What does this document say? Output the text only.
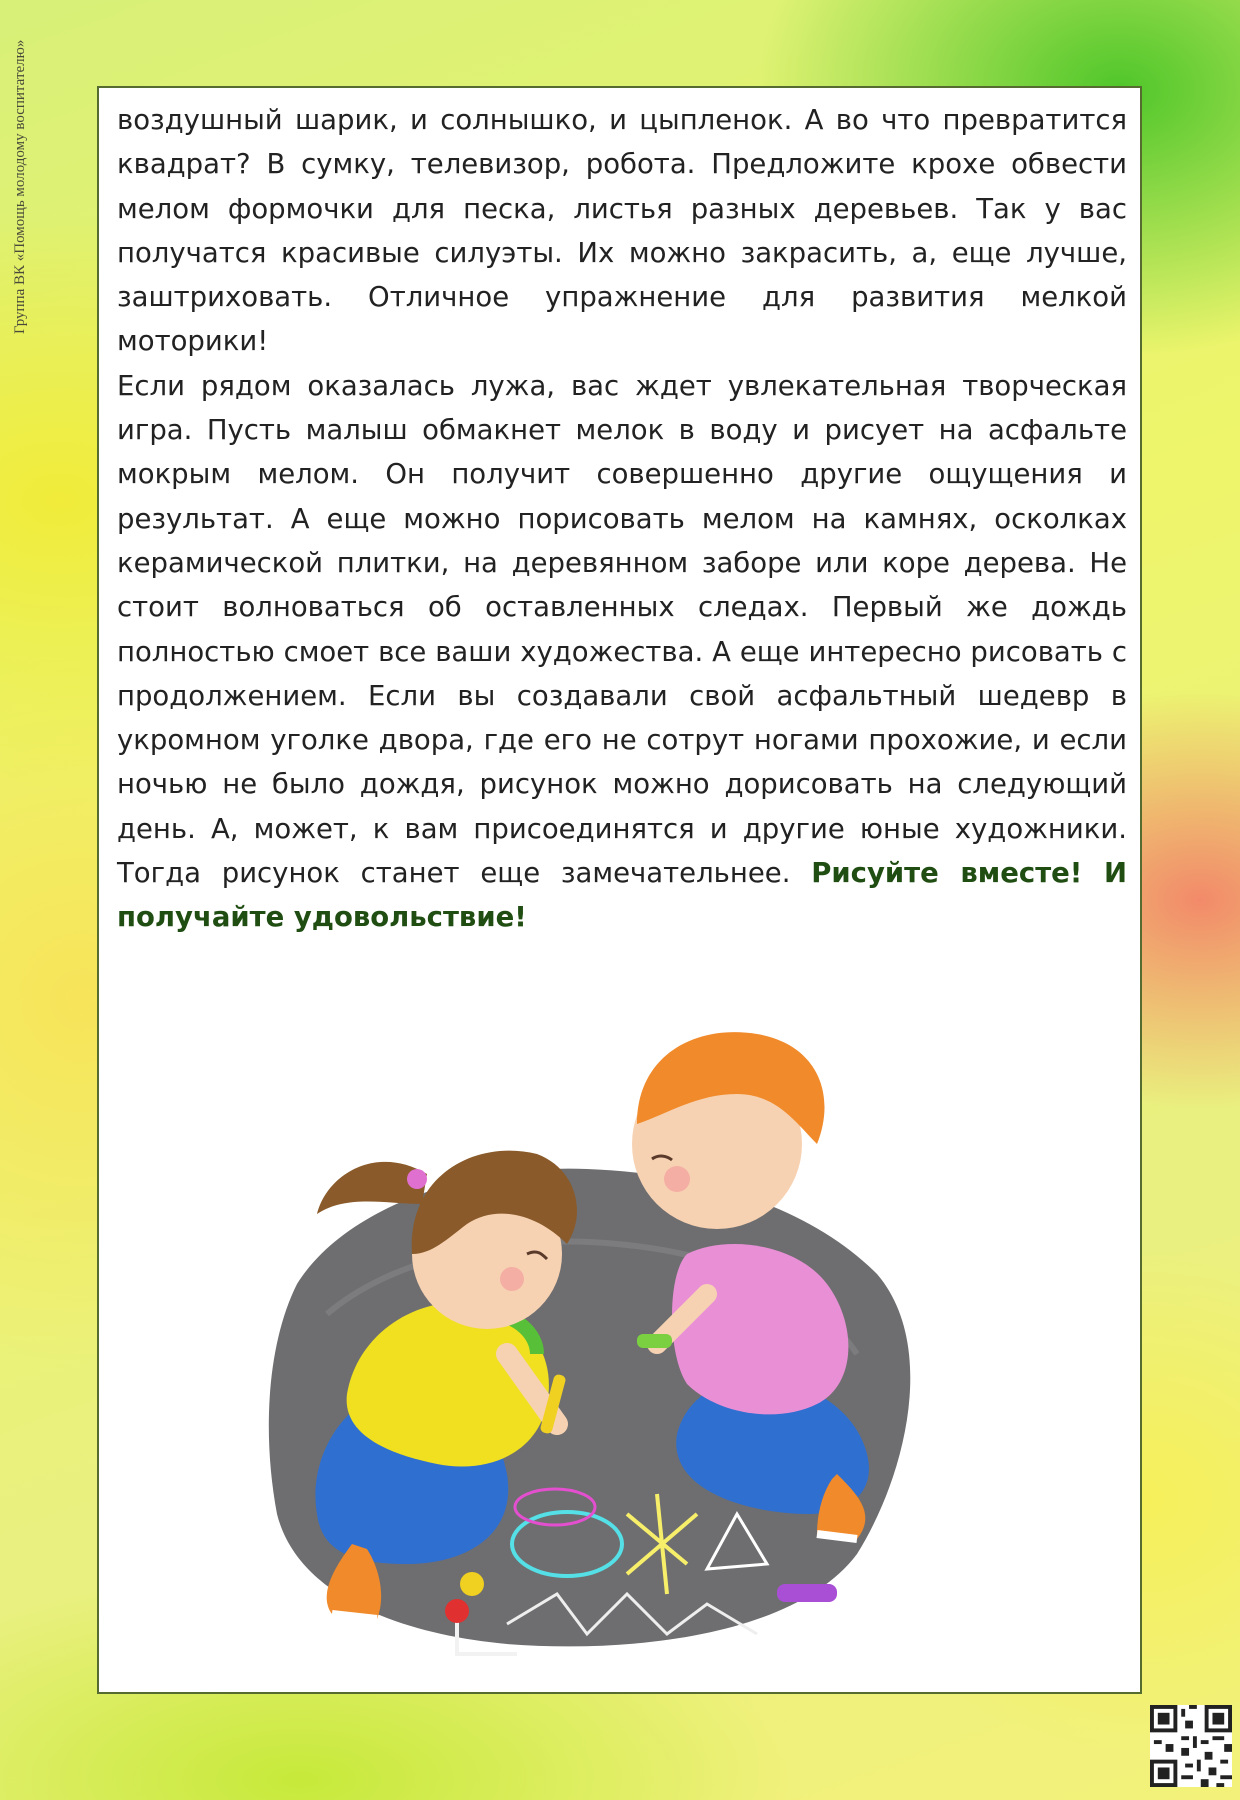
Группа ВК «Помощь молодому воспитателю»	воздушный шарик, и солнышко, и цыпленок. А во что превратится квадрат? В сумку, телевизор, робота. Предложите крохе обвести мелом формочки для песка, листья разных деревьев. Так у вас получатся красивые силуэты. Их можно закрасить, а, еще лучше, заштриховать. Отличное упражнение для развития мелкой моторики!

Если рядом оказалась лужа, вас ждет увлекательная творческая игра. Пусть малыш обмакнет мелок в воду и рисует на асфальте мокрым мелом. Он получит совершенно другие ощущения и результат. А еще можно порисовать мелом на камнях, осколках керамической плитки, на деревянном заборе или коре дерева. Не стоит волноваться об оставленных следах. Первый же дождь полностью смоет все ваши художества. А еще интересно рисовать с продолжением. Если вы создавали свой асфальтный шедевр в укромном уголке двора, где его не сотрут ногами прохожие, и если ночью не было дождя, рисунок можно дорисовать на следующий день. А, может, к вам присоединятся и другие юные художники. Тогда рисунок станет еще замечательнее. Рисуйте вместе! И получайте удовольствие!
